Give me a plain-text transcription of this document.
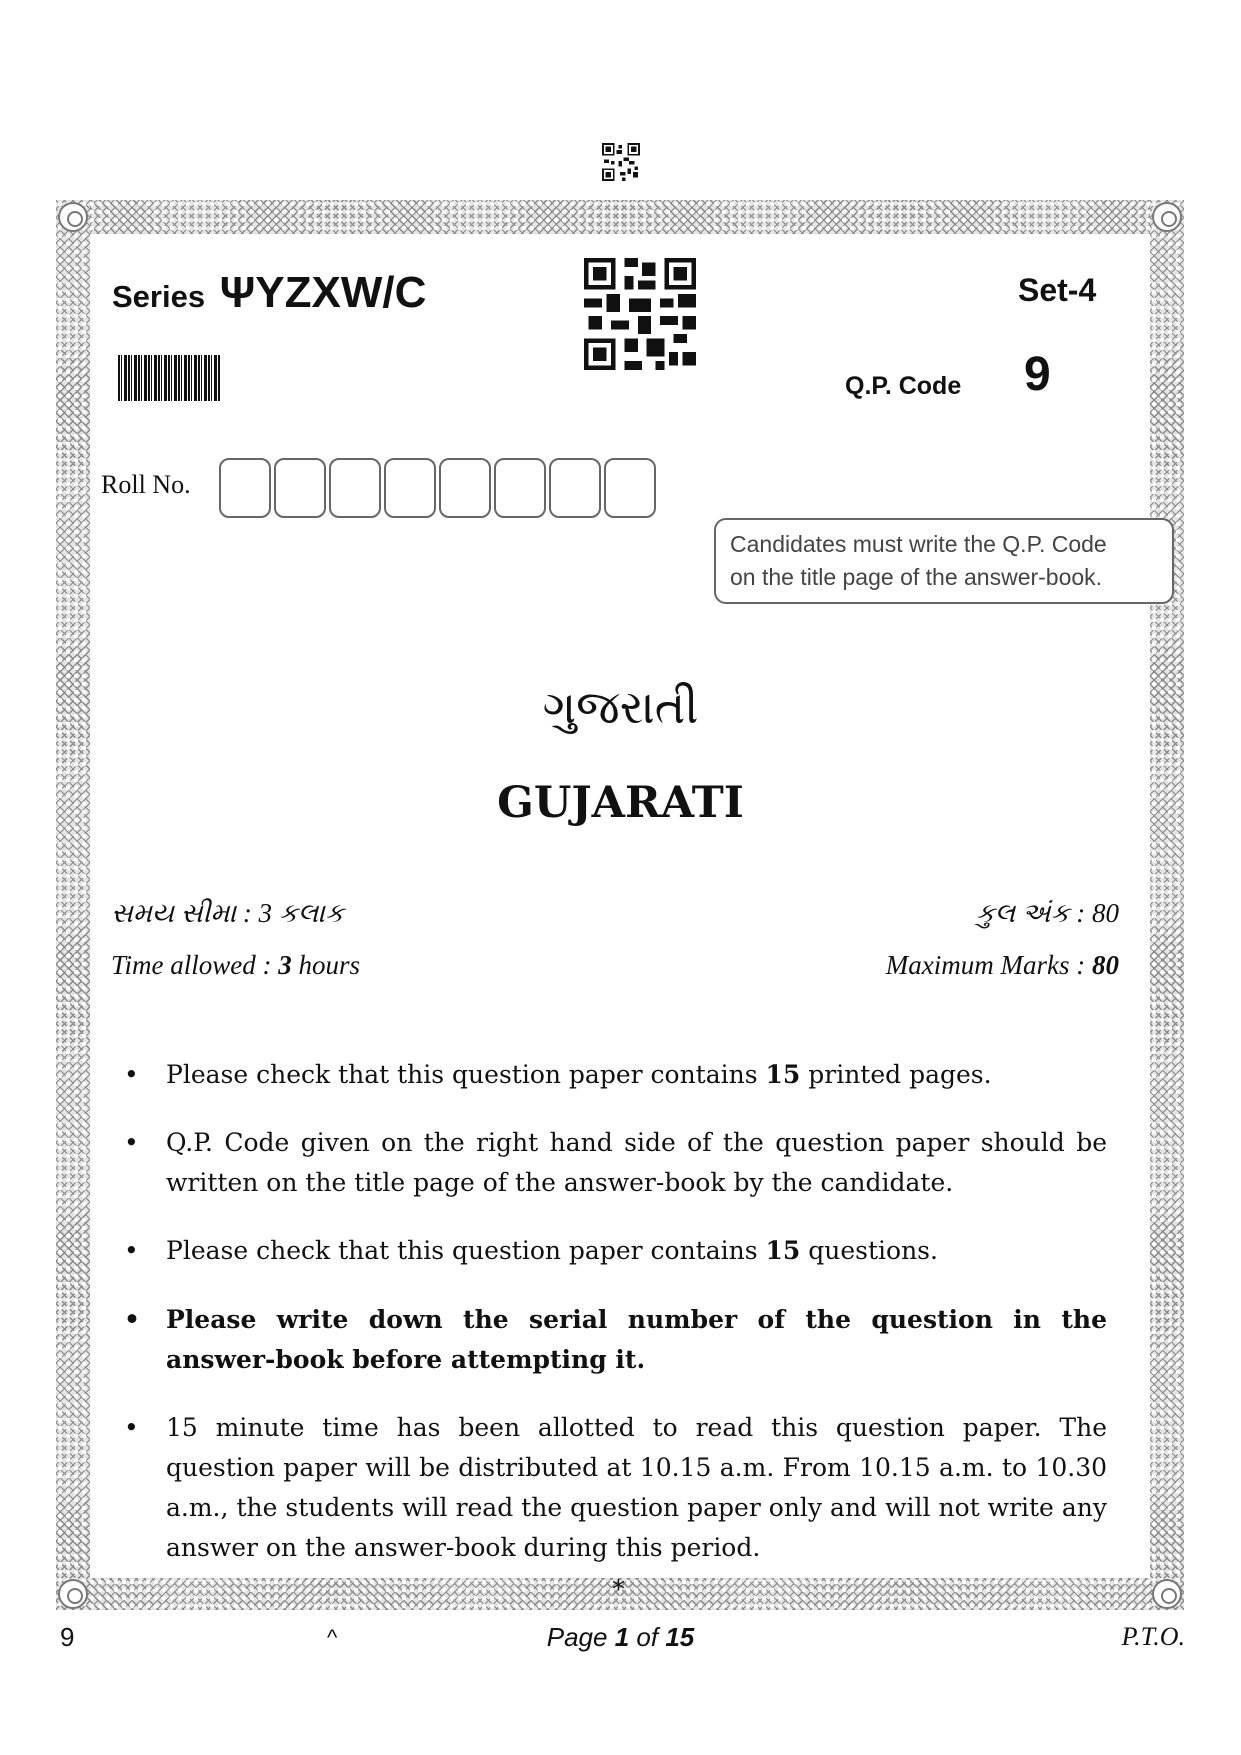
Series ΨYZXW/C	Set-4
Q.P. Code 9
Roll No.
Candidates must write the Q.P. Code
on the title page of the answer-book.
ગુજરાતી
GUJARATI
સમય સીમા : 3 કલાક	કુલ અંક : 80
Time allowed : 3 hours	Maximum Marks : 80
• Please check that this question paper contains 15 printed pages.
• Q.P. Code given on the right hand side of the question paper should be written on the title page of the answer-book by the candidate.
• Please check that this question paper contains 15 questions.
• Please write down the serial number of the question in the answer-book before attempting it.
• 15 minute time has been allotted to read this question paper. The question paper will be distributed at 10.15 a.m. From 10.15 a.m. to 10.30 a.m., the students will read the question paper only and will not write any answer on the answer-book during this period.
*
9	^	Page 1 of 15	P.T.O.
